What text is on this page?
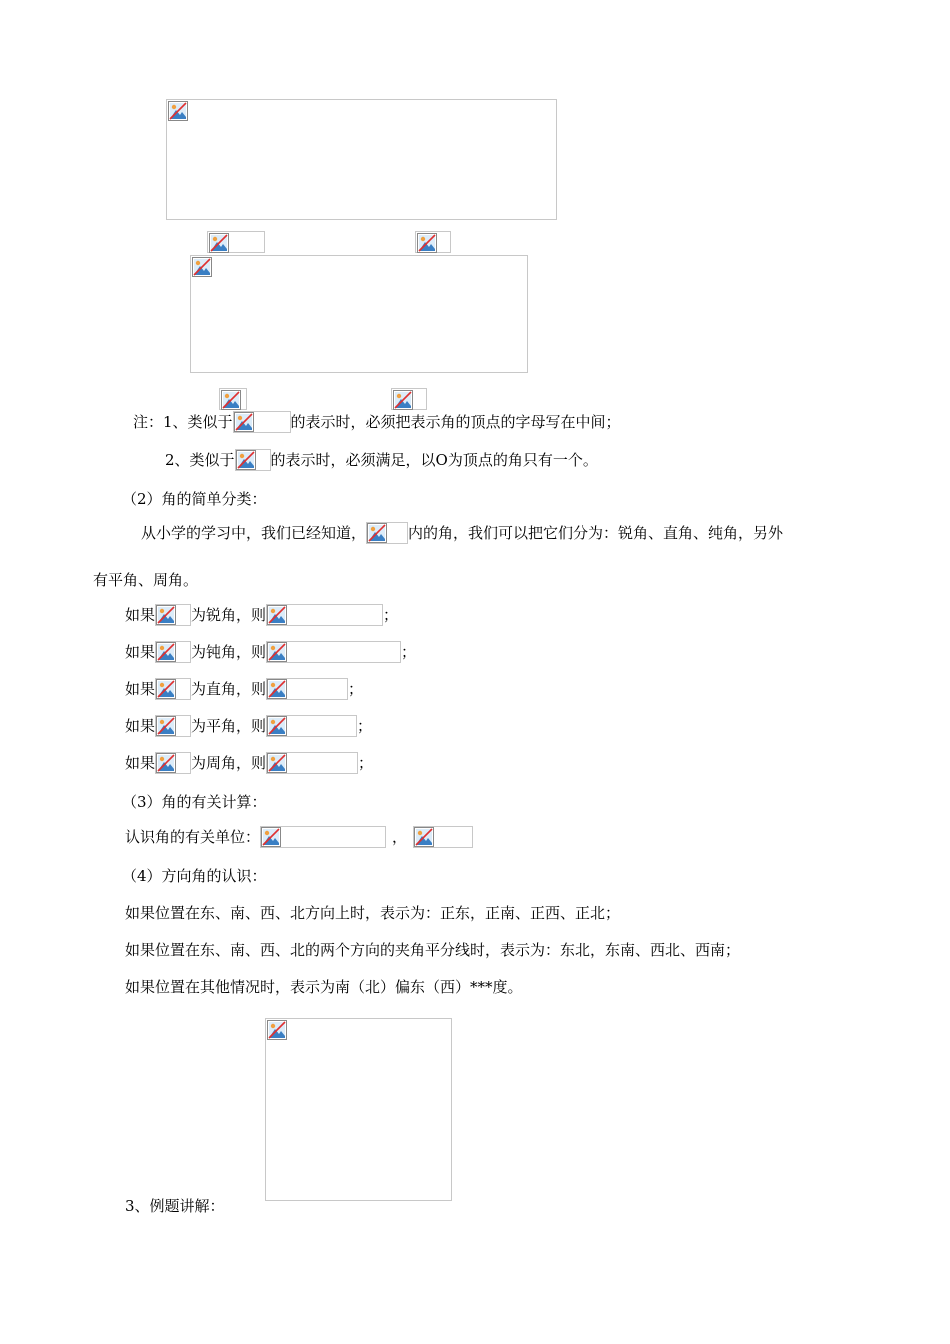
注：1、类似于	的表示时，必须把表示角的顶点的字母写在中间；
2、类似于 的表示时，必须满足，以O为顶点的角只有一个。
（2）角的简单分类：
从小学的学习中，我们已经知道，	内的角，我们可以把它们分为：锐角、直角、纯角，另外
有平角、周角。
如果 为锐角，则	；
如果 为钝角，则	；
如果 为直角，则	；
如果 为平角，则	；
如果 为周角，则	；
（3）角的有关计算：
认识角的有关单位：	，
（4）方向角的认识：
如果位置在东、南、西、北方向上时，表示为：正东，正南、正西、正北；
如果位置在东、南、西、北的两个方向的夹角平分线时，表示为：东北，东南、西北、西南；
如果位置在其他情况时，表示为南（北）偏东（西）***度。
3、例题讲解：
